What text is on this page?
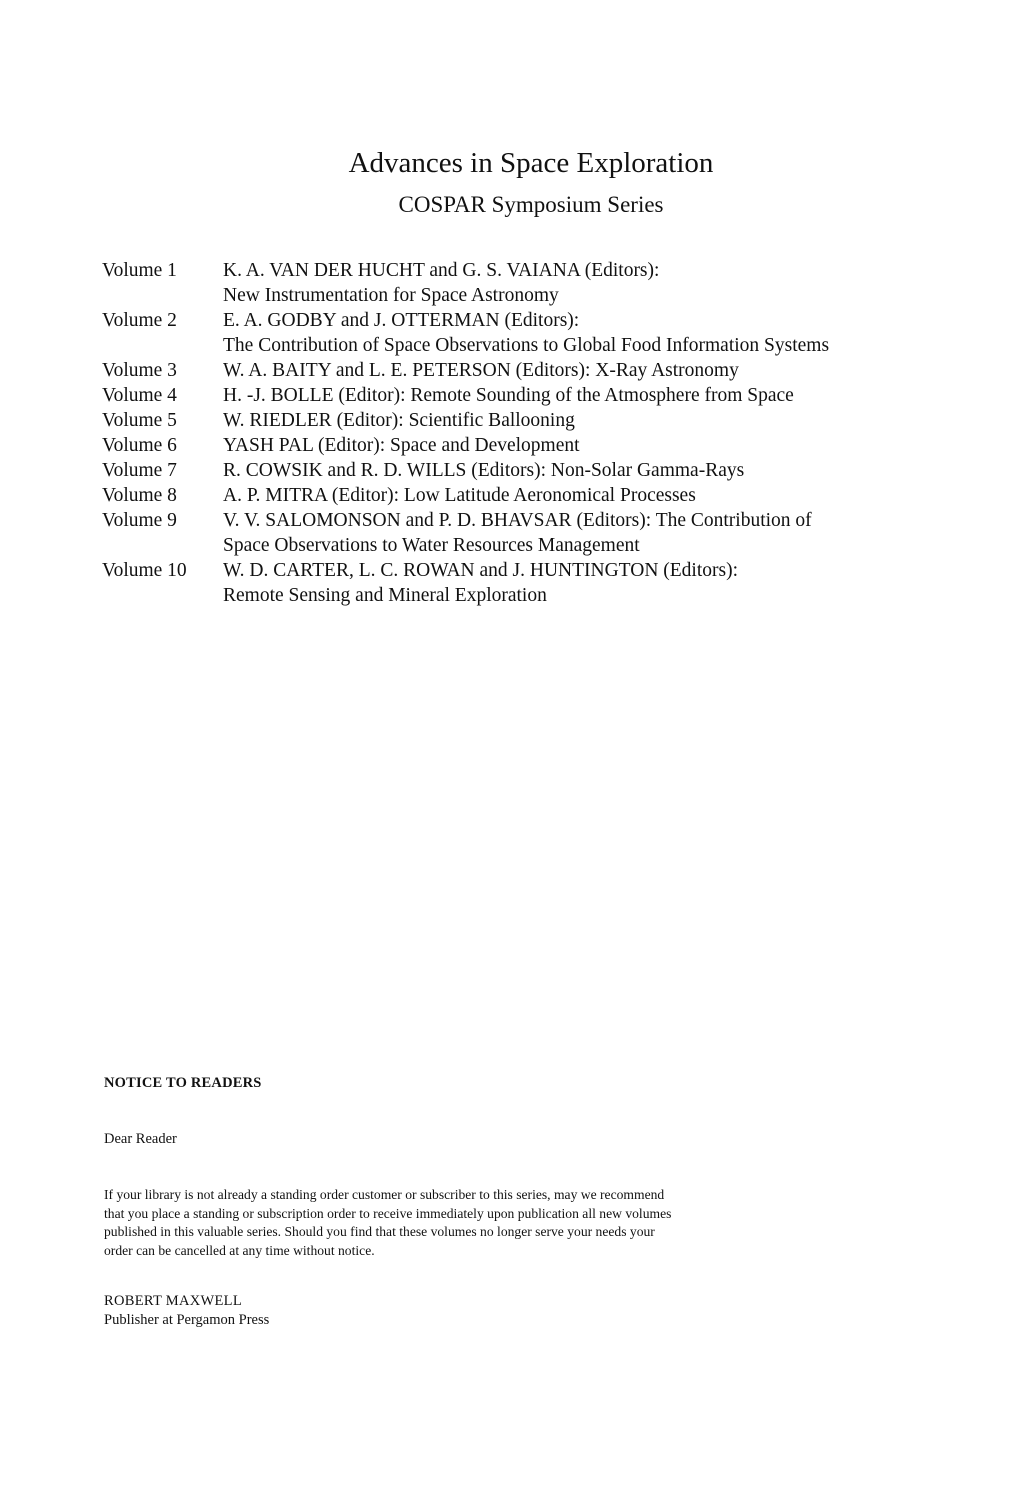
Advances in Space Exploration
COSPAR Symposium Series
Volume 1	K. A. VAN DER HUCHT and G. S. VAIANA (Editors):
New Instrumentation for Space Astronomy
Volume 2	E. A. GODBY and J. OTTERMAN (Editors):
The Contribution of Space Observations to Global Food Information Systems
Volume 3	W. A. BAITY and L. E. PETERSON (Editors): X-Ray Astronomy
Volume 4	H. -J. BOLLE (Editor): Remote Sounding of the Atmosphere from Space
Volume 5	W. RIEDLER (Editor): Scientific Ballooning
Volume 6	YASH PAL (Editor): Space and Development
Volume 7	R. COWSIK and R. D. WILLS (Editors): Non-Solar Gamma-Rays
Volume 8	A. P. MITRA (Editor): Low Latitude Aeronomical Processes
Volume 9	V. V. SALOMONSON and P. D. BHAVSAR (Editors): The Contribution of
Space Observations to Water Resources Management
Volume 10	W. D. CARTER, L. C. ROWAN and J. HUNTINGTON (Editors):
Remote Sensing and Mineral Exploration

NOTICE TO READERS

Dear Reader

If your library is not already a standing order customer or subscriber to this series, may we recommend
that you place a standing or subscription order to receive immediately upon publication all new volumes
published in this valuable series. Should you find that these volumes no longer serve your needs your
order can be cancelled at any time without notice.

ROBERT MAXWELL

Publisher at Pergamon Press
